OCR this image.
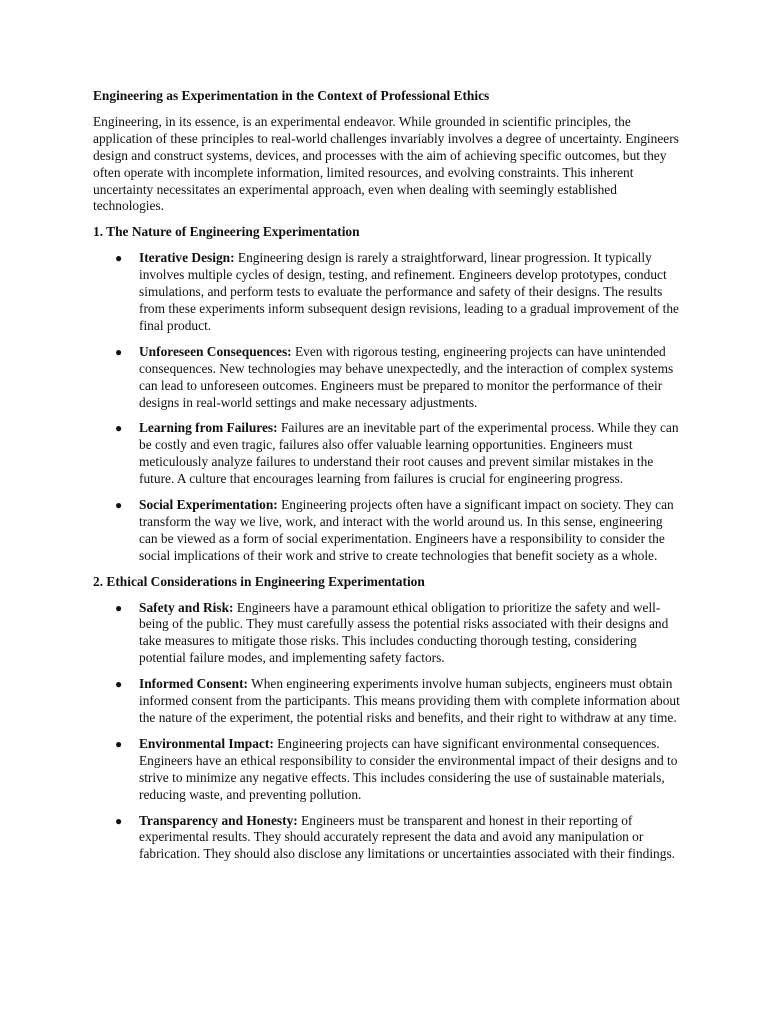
Engineering as Experimentation in the Context of Professional Ethics

Engineering, in its essence, is an experimental endeavor. While grounded in scientific principles, the application of these principles to real-world challenges invariably involves a degree of uncertainty. Engineers design and construct systems, devices, and processes with the aim of achieving specific outcomes, but they often operate with incomplete information, limited resources, and evolving constraints. This inherent uncertainty necessitates an experimental approach, even when dealing with seemingly established technologies.

1. The Nature of Engineering Experimentation
● Iterative Design: Engineering design is rarely a straightforward, linear progression. It typically involves multiple cycles of design, testing, and refinement. Engineers develop prototypes, conduct simulations, and perform tests to evaluate the performance and safety of their designs. The results from these experiments inform subsequent design revisions, leading to a gradual improvement of the final product.
● Unforeseen Consequences: Even with rigorous testing, engineering projects can have unintended consequences. New technologies may behave unexpectedly, and the interaction of complex systems can lead to unforeseen outcomes. Engineers must be prepared to monitor the performance of their designs in real-world settings and make necessary adjustments.
● Learning from Failures: Failures are an inevitable part of the experimental process. While they can be costly and even tragic, failures also offer valuable learning opportunities. Engineers must meticulously analyze failures to understand their root causes and prevent similar mistakes in the future. A culture that encourages learning from failures is crucial for engineering progress.
● Social Experimentation: Engineering projects often have a significant impact on society. They can transform the way we live, work, and interact with the world around us. In this sense, engineering can be viewed as a form of social experimentation. Engineers have a responsibility to consider the social implications of their work and strive to create technologies that benefit society as a whole.
2. Ethical Considerations in Engineering Experimentation
● Safety and Risk: Engineers have a paramount ethical obligation to prioritize the safety and well-being of the public. They must carefully assess the potential risks associated with their designs and take measures to mitigate those risks. This includes conducting thorough testing, considering potential failure modes, and implementing safety factors.
● Informed Consent: When engineering experiments involve human subjects, engineers must obtain informed consent from the participants. This means providing them with complete information about the nature of the experiment, the potential risks and benefits, and their right to withdraw at any time.
● Environmental Impact: Engineering projects can have significant environmental consequences. Engineers have an ethical responsibility to consider the environmental impact of their designs and to strive to minimize any negative effects. This includes considering the use of sustainable materials, reducing waste, and preventing pollution.
● Transparency and Honesty: Engineers must be transparent and honest in their reporting of experimental results. They should accurately represent the data and avoid any manipulation or fabrication. They should also disclose any limitations or uncertainties associated with their findings.
